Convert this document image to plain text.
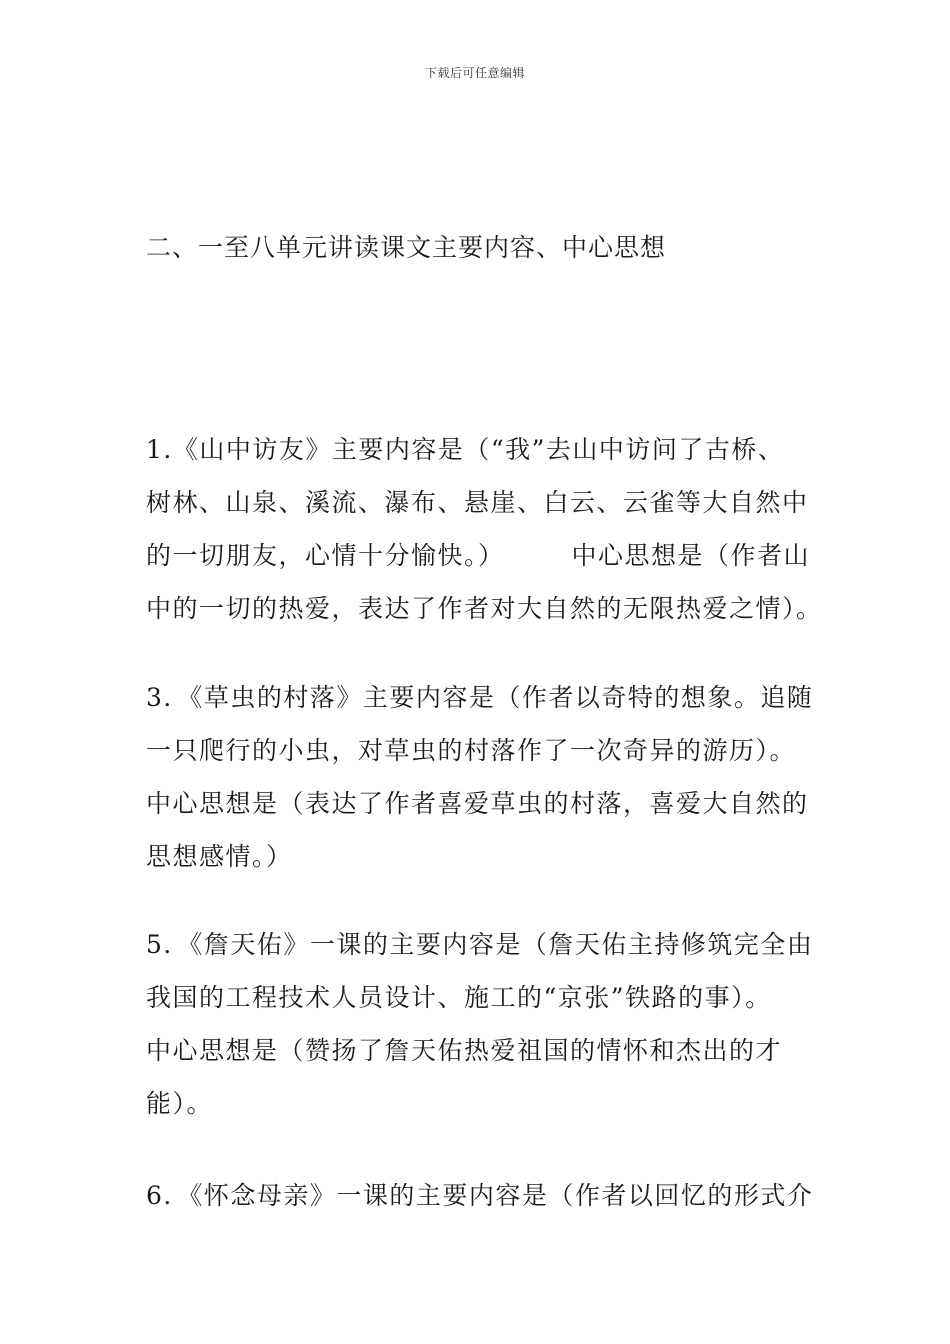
下载后可任意编辑
二、一至八单元讲读课文主要内容、中心思想
1.《山中访友》主要内容是（“我”去山中访问了古桥、
树林、山泉、溪流、瀑布、悬崖、白云、云雀等大自然中
的一切朋友，心情十分愉快。）　　　中心思想是（作者山
中的一切的热爱，表达了作者对大自然的无限热爱之情）。
3．《草虫的村落》主要内容是（作者以奇特的想象。追随
一只爬行的小虫，对草虫的村落作了一次奇异的游历）。
中心思想是（表达了作者喜爱草虫的村落，喜爱大自然的
思想感情。）
5．《詹天佑》一课的主要内容是（詹天佑主持修筑完全由
我国的工程技术人员设计、施工的“京张”铁路的事）。
中心思想是（赞扬了詹天佑热爱祖国的情怀和杰出的才
能）。
6．《怀念母亲》一课的主要内容是（作者以回忆的形式介
